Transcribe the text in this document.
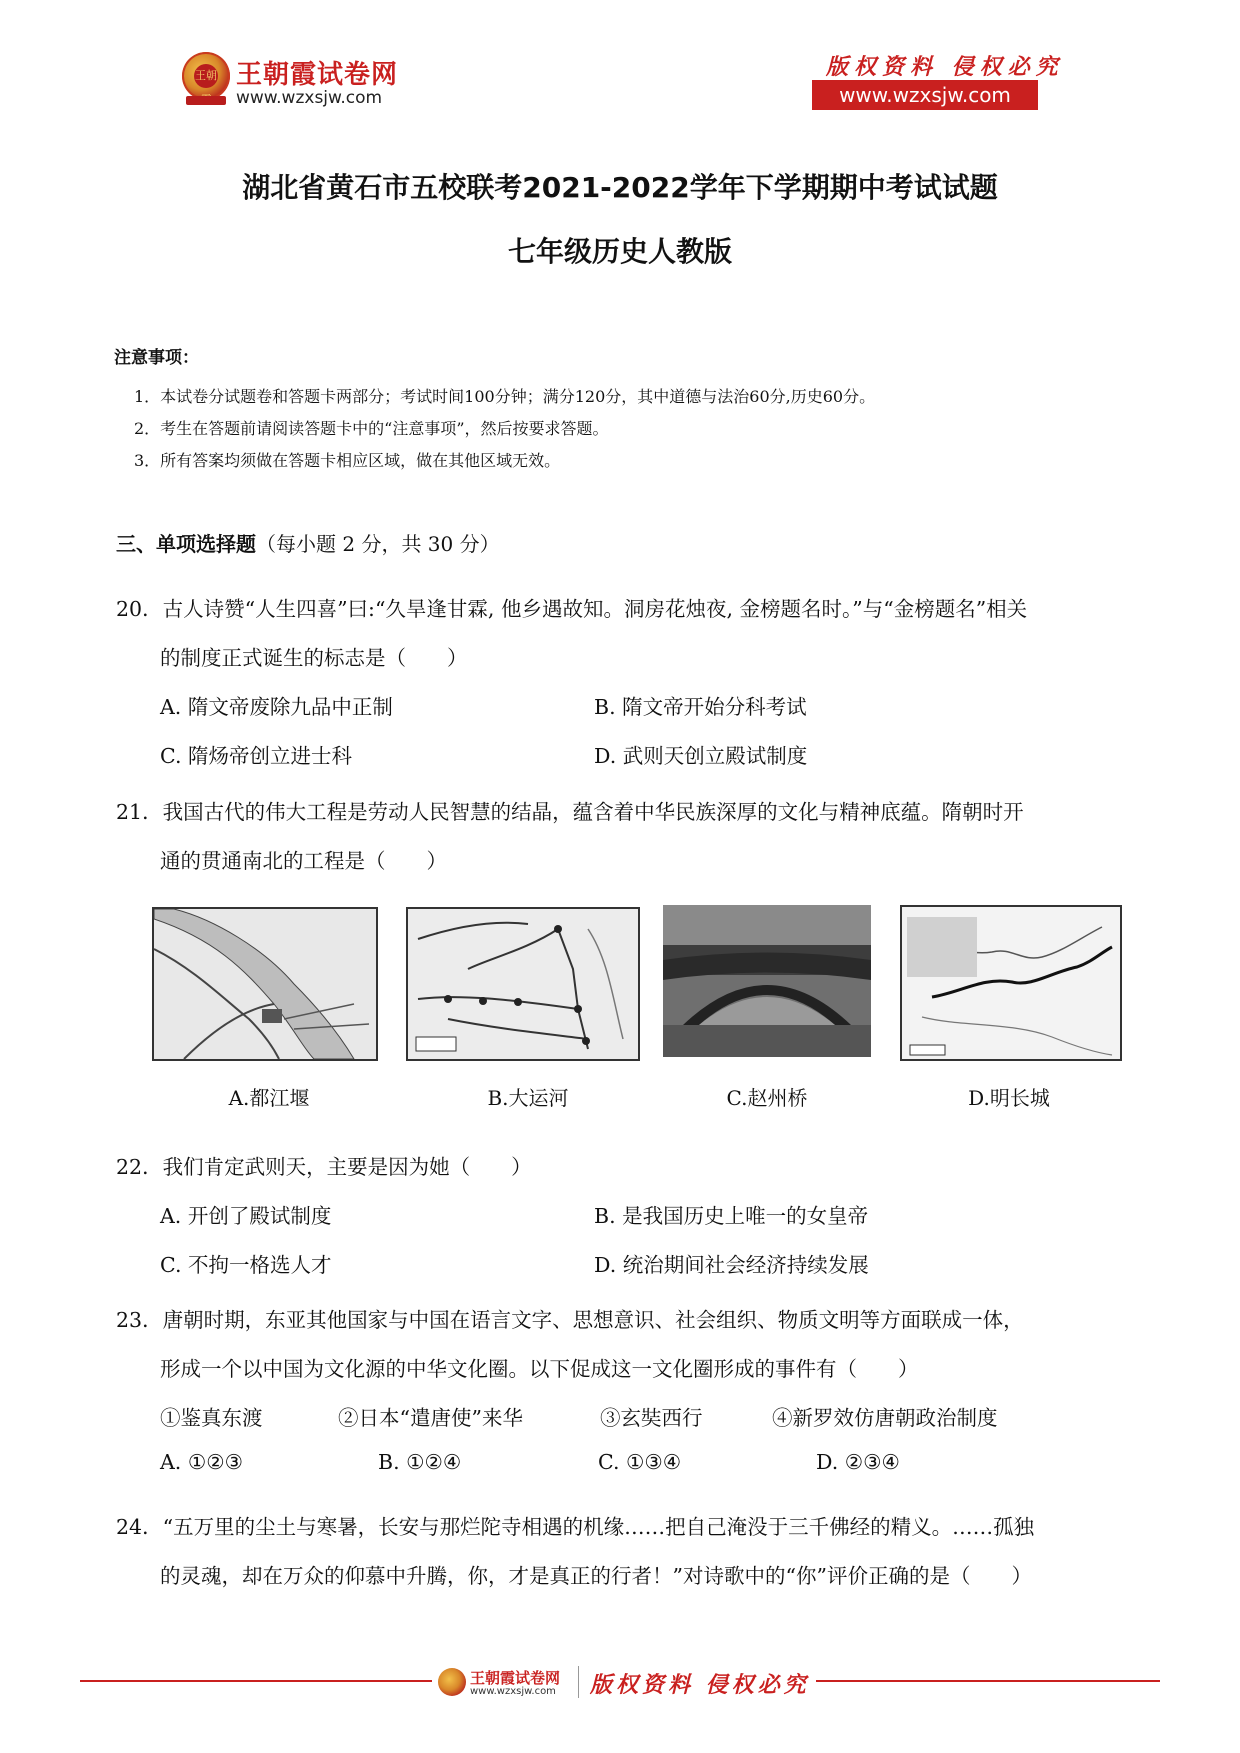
王朝 王朝霞试卷网
www.wzxsjw.com
版权资料 侵权必究
www.wzxsjw.com
湖北省黄石市五校联考2021-2022学年下学期期中考试试题
七年级历史人教版
注意事项：
1．本试卷分试题卷和答题卡两部分；考试时间100分钟；满分120分，其中道德与法治60分,历史60分。
2．考生在答题前请阅读答题卡中的“注意事项”，然后按要求答题。
3．所有答案均须做在答题卡相应区域，做在其他区域无效。
三、单项选择题（每小题 2 分，共 30 分）
20．古人诗赞“人生四喜”曰:“久旱逢甘霖, 他乡遇故知。洞房花烛夜, 金榜题名时。”与“金榜题名”相关
的制度正式诞生的标志是（　　）
A. 隋文帝废除九品中正制	B. 隋文帝开始分科考试
C. 隋炀帝创立进士科	D. 武则天创立殿试制度
21．我国古代的伟大工程是劳动人民智慧的结晶，蕴含着中华民族深厚的文化与精神底蕴。隋朝时开
通的贯通南北的工程是（　　）
A.都江堰	B.大运河	C.赵州桥	D.明长城
22．我们肯定武则天，主要是因为她（　　）
A. 开创了殿试制度	B. 是我国历史上唯一的女皇帝
C. 不拘一格选人才	D. 统治期间社会经济持续发展
23．唐朝时期，东亚其他国家与中国在语言文字、思想意识、社会组织、物质文明等方面联成一体，
形成一个以中国为文化源的中华文化圈。以下促成这一文化圈形成的事件有（　　）
①鉴真东渡	②日本“遣唐使”来华	③玄奘西行	④新罗效仿唐朝政治制度
A. ①②③	B. ①②④	C. ①③④	D. ②③④
24．“五万里的尘土与寒暑，长安与那烂陀寺相遇的机缘……把自己淹没于三千佛经的精义。……孤独
的灵魂，却在万众的仰慕中升腾，你，才是真正的行者！”对诗歌中的“你”评价正确的是（　　）
王朝霞试卷网
www.wzxsjw.com 版权资料 侵权必究
